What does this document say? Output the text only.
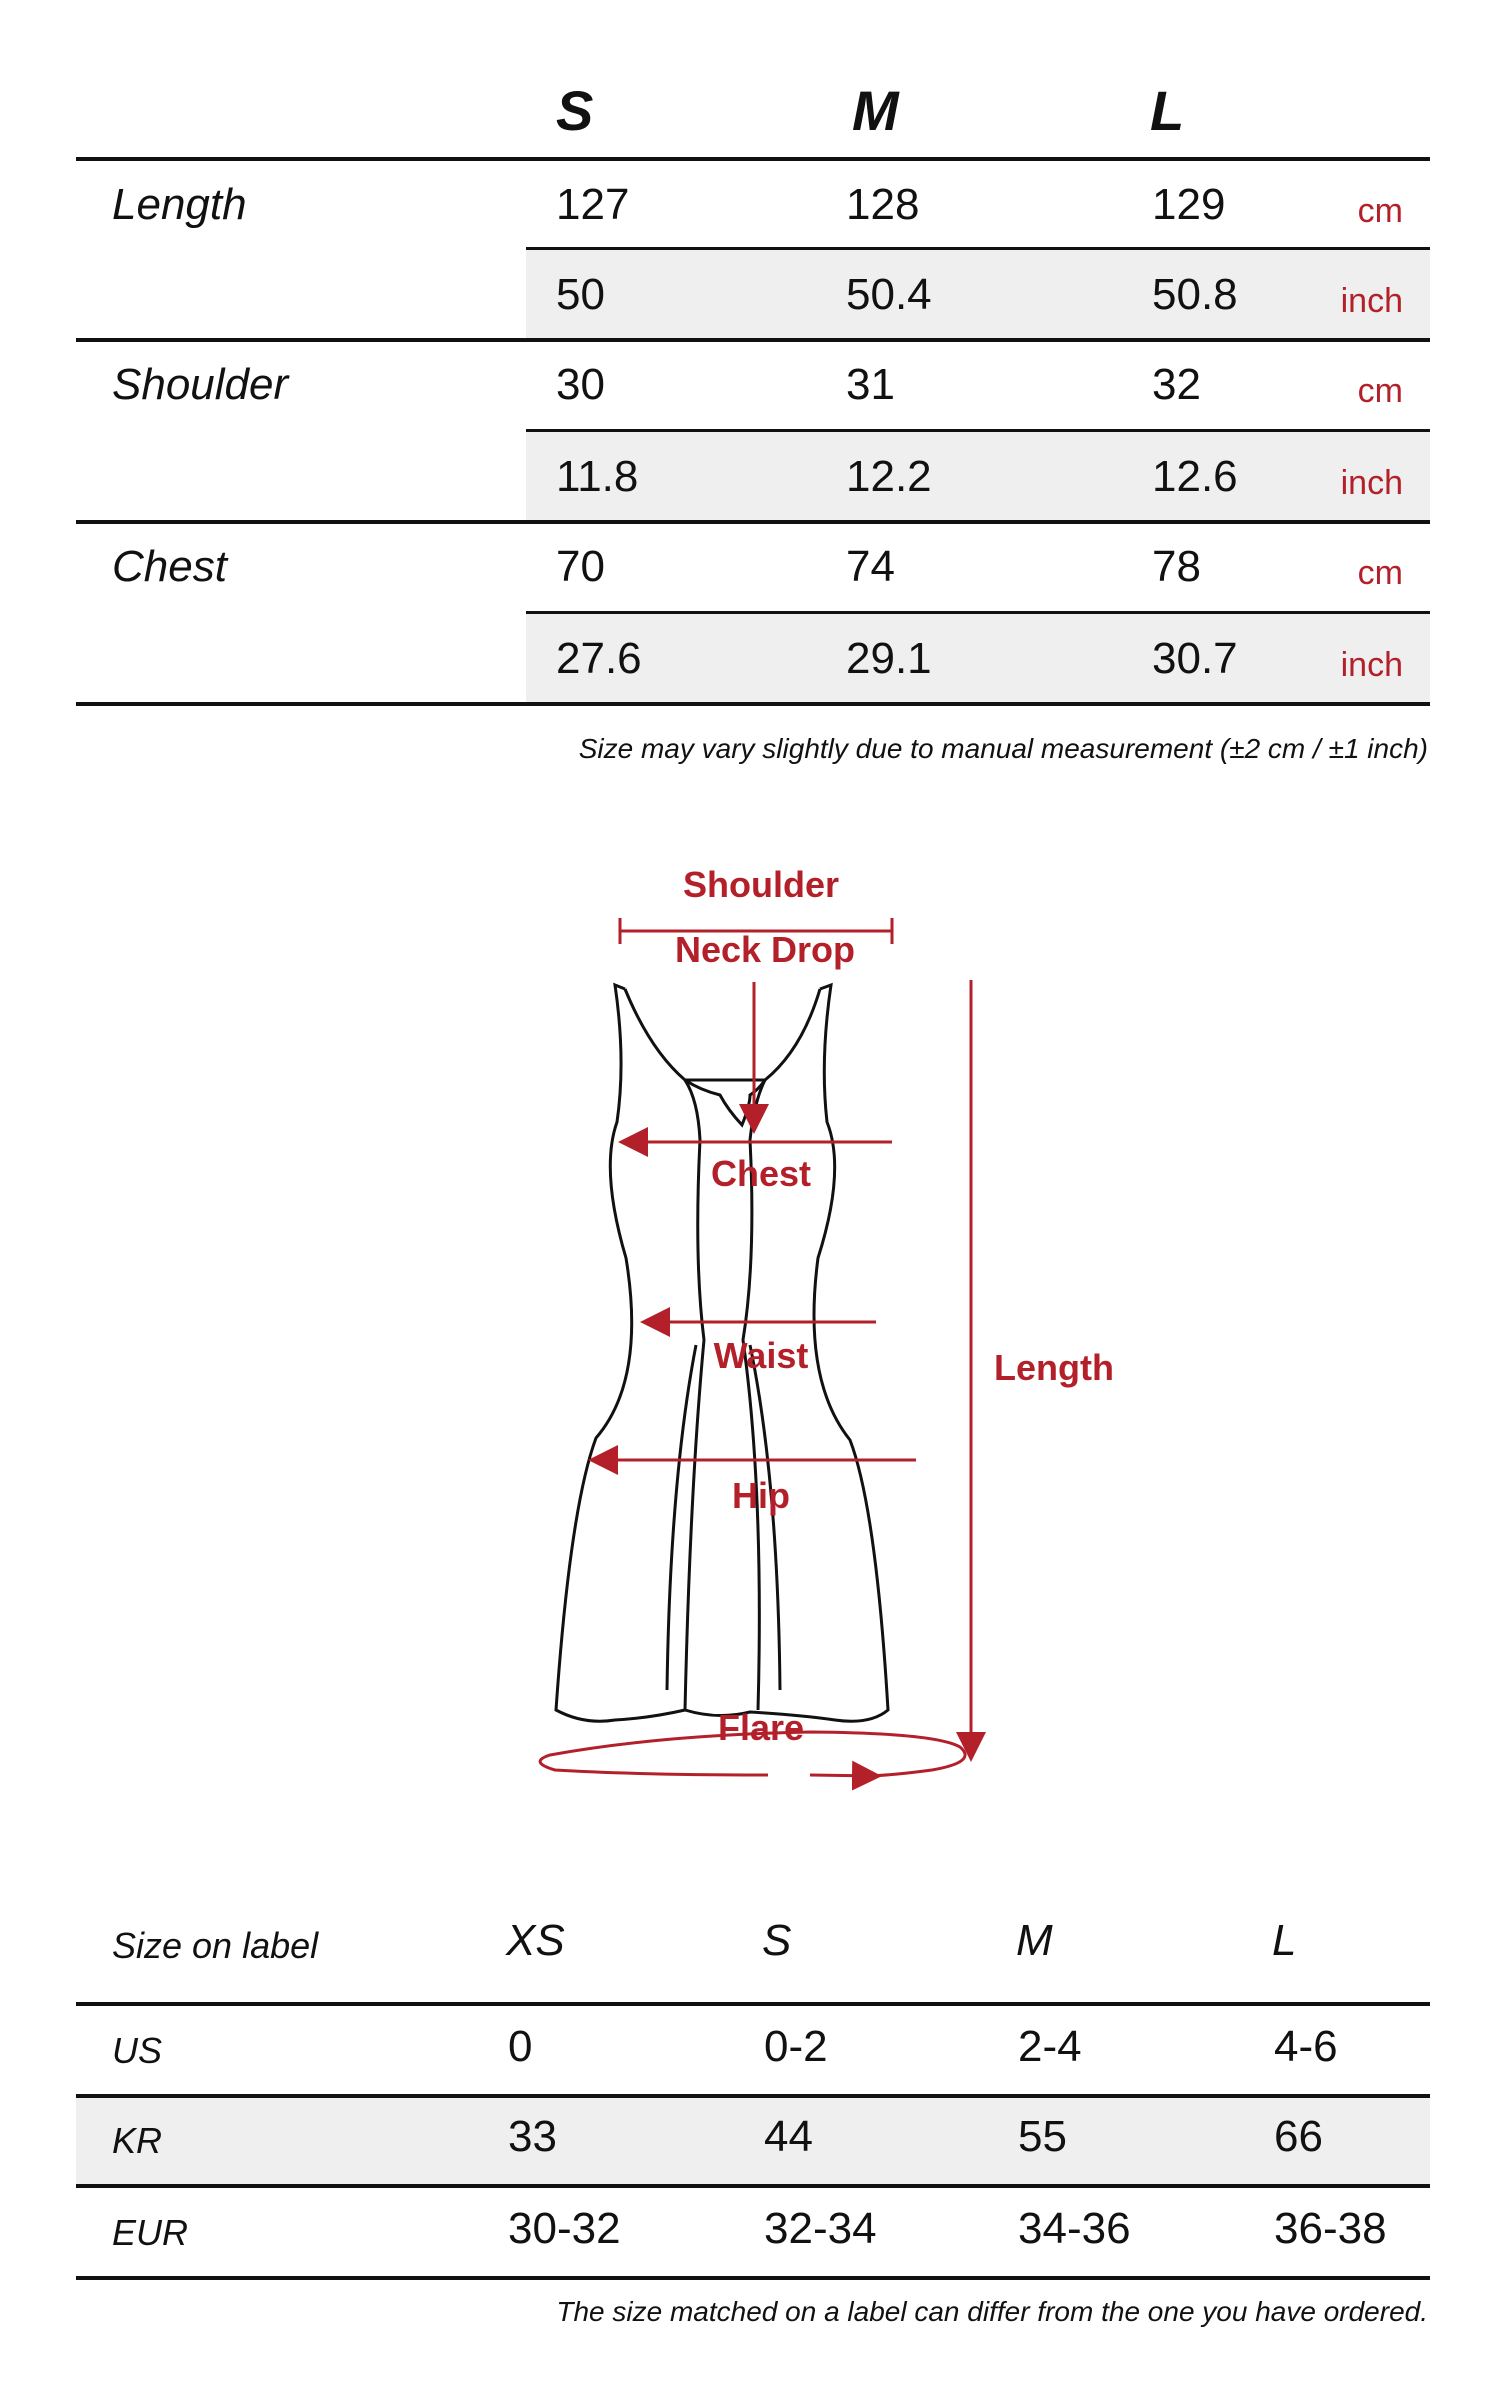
S	M	L
Length	127	128	129	cm
50	50.4	50.8	inch
Shoulder	30	31	32	cm
11.8	12.2	12.6	inch
Chest	70	74	78	cm
27.6	29.1	30.7	inch
Size may vary slightly due to manual measurement (±2 cm / ±1 inch)
Shoulder
Neck Drop
Chest
Waist
Hip
Length
Flare
Size on label	XS	S	M	L
US	0	0-2	2-4	4-6
KR	33	44	55	66
EUR	30-32	32-34	34-36	36-38
The size matched on a label can differ from the one you have ordered.
